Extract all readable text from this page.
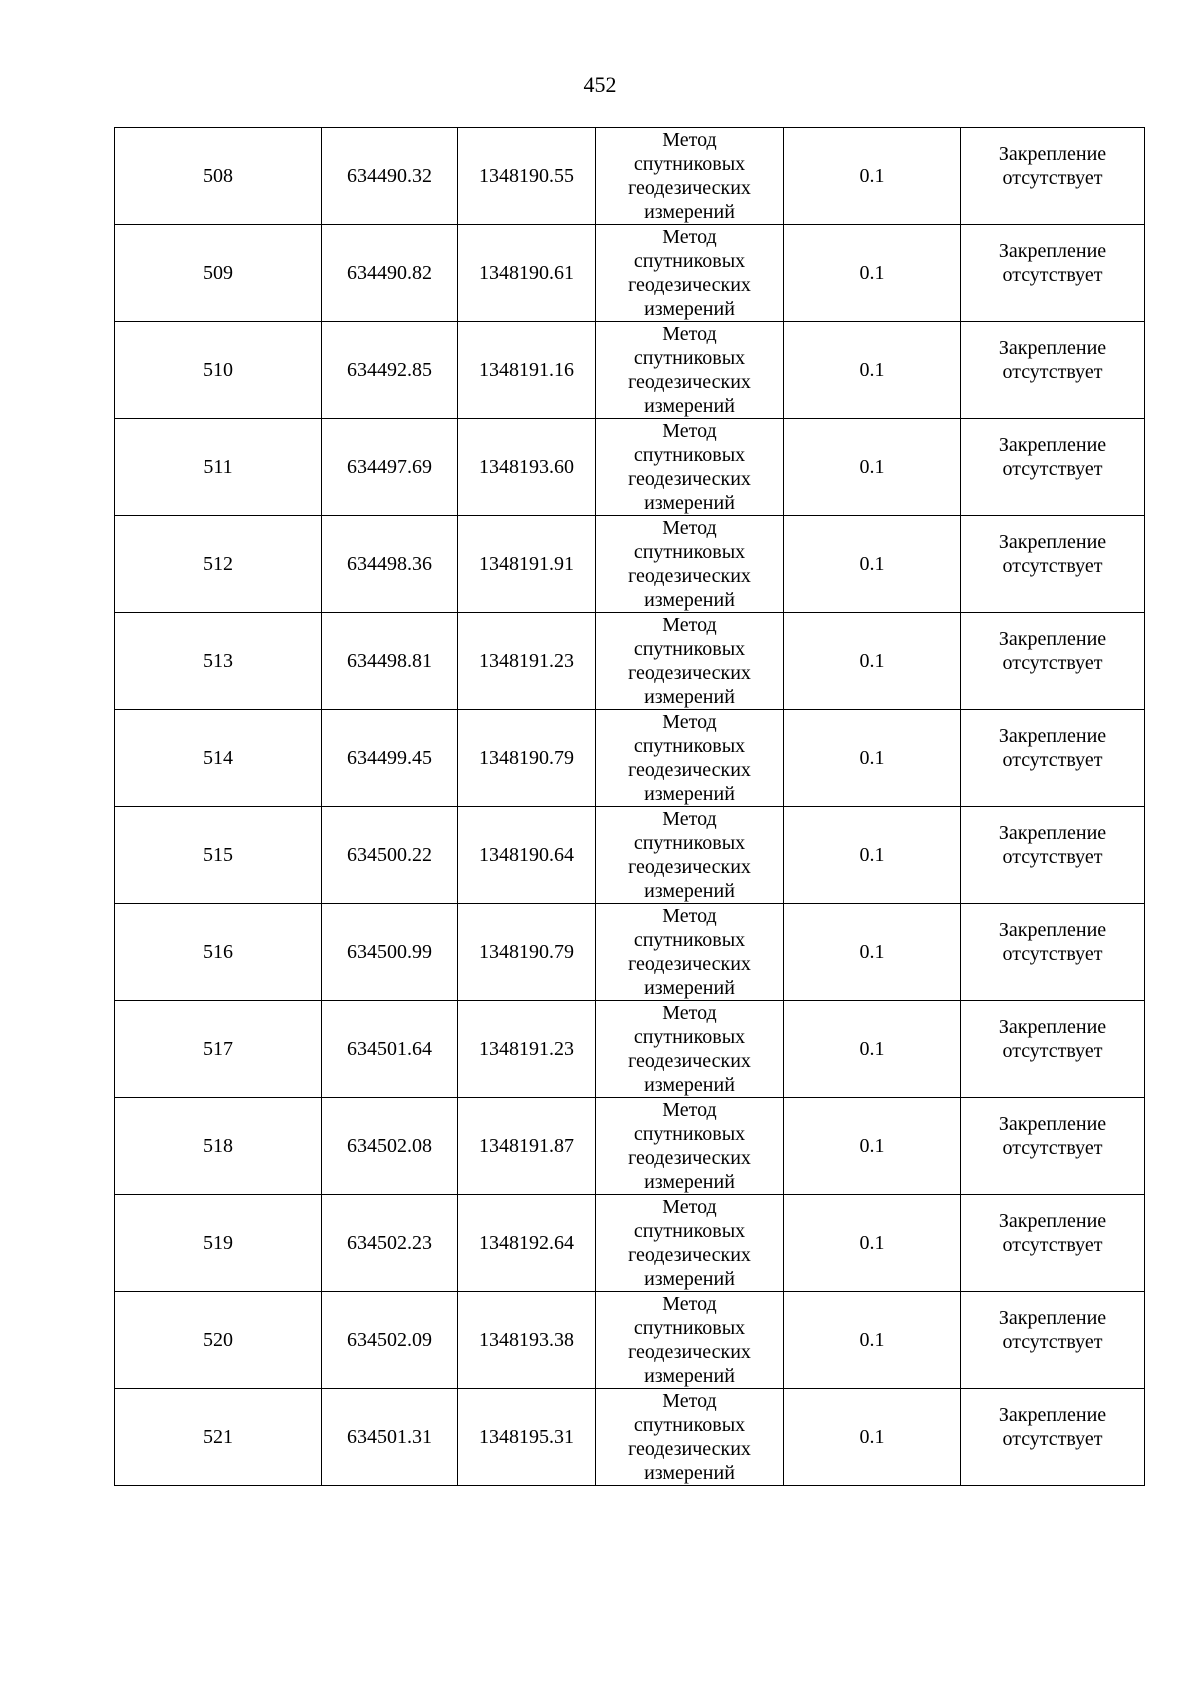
452
508	634490.32	1348190.55	Метод
спутниковых
геодезических
измерений	0.1	Закрепление
отсутствует

509	634490.82	1348190.61	Метод
спутниковых
геодезических
измерений	0.1	Закрепление
отсутствует

510	634492.85	1348191.16	Метод
спутниковых
геодезических
измерений	0.1	Закрепление
отсутствует

511	634497.69	1348193.60	Метод
спутниковых
геодезических
измерений	0.1	Закрепление
отсутствует

512	634498.36	1348191.91	Метод
спутниковых
геодезических
измерений	0.1	Закрепление
отсутствует

513	634498.81	1348191.23	Метод
спутниковых
геодезических
измерений	0.1	Закрепление
отсутствует

514	634499.45	1348190.79	Метод
спутниковых
геодезических
измерений	0.1	Закрепление
отсутствует

515	634500.22	1348190.64	Метод
спутниковых
геодезических
измерений	0.1	Закрепление
отсутствует

516	634500.99	1348190.79	Метод
спутниковых
геодезических
измерений	0.1	Закрепление
отсутствует

517	634501.64	1348191.23	Метод
спутниковых
геодезических
измерений	0.1	Закрепление
отсутствует

518	634502.08	1348191.87	Метод
спутниковых
геодезических
измерений	0.1	Закрепление
отсутствует

519	634502.23	1348192.64	Метод
спутниковых
геодезических
измерений	0.1	Закрепление
отсутствует

520	634502.09	1348193.38	Метод
спутниковых
геодезических
измерений	0.1	Закрепление
отсутствует

521	634501.31	1348195.31	Метод
спутниковых
геодезических
измерений	0.1	Закрепление
отсутствует
